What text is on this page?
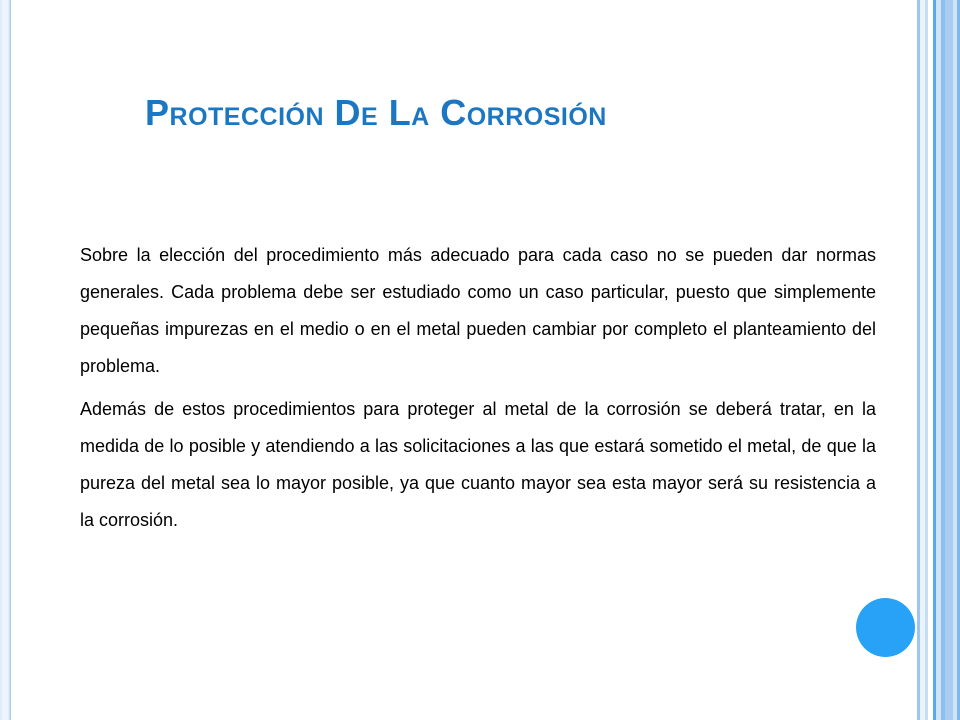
Protección De La Corrosión

Sobre la elección del procedimiento más adecuado para cada caso no se pueden dar normas generales. Cada problema debe ser estudiado como un caso particular, puesto que simplemente pequeñas impurezas en el medio o en el metal pueden cambiar por completo el planteamiento del problema.

Además de estos procedimientos para proteger al metal de la corrosión se deberá tratar, en la medida de lo posible y atendiendo a las solicitaciones a las que estará sometido el metal, de que la pureza del metal sea lo mayor posible, ya que cuanto mayor sea esta mayor será su resistencia a la corrosión.
